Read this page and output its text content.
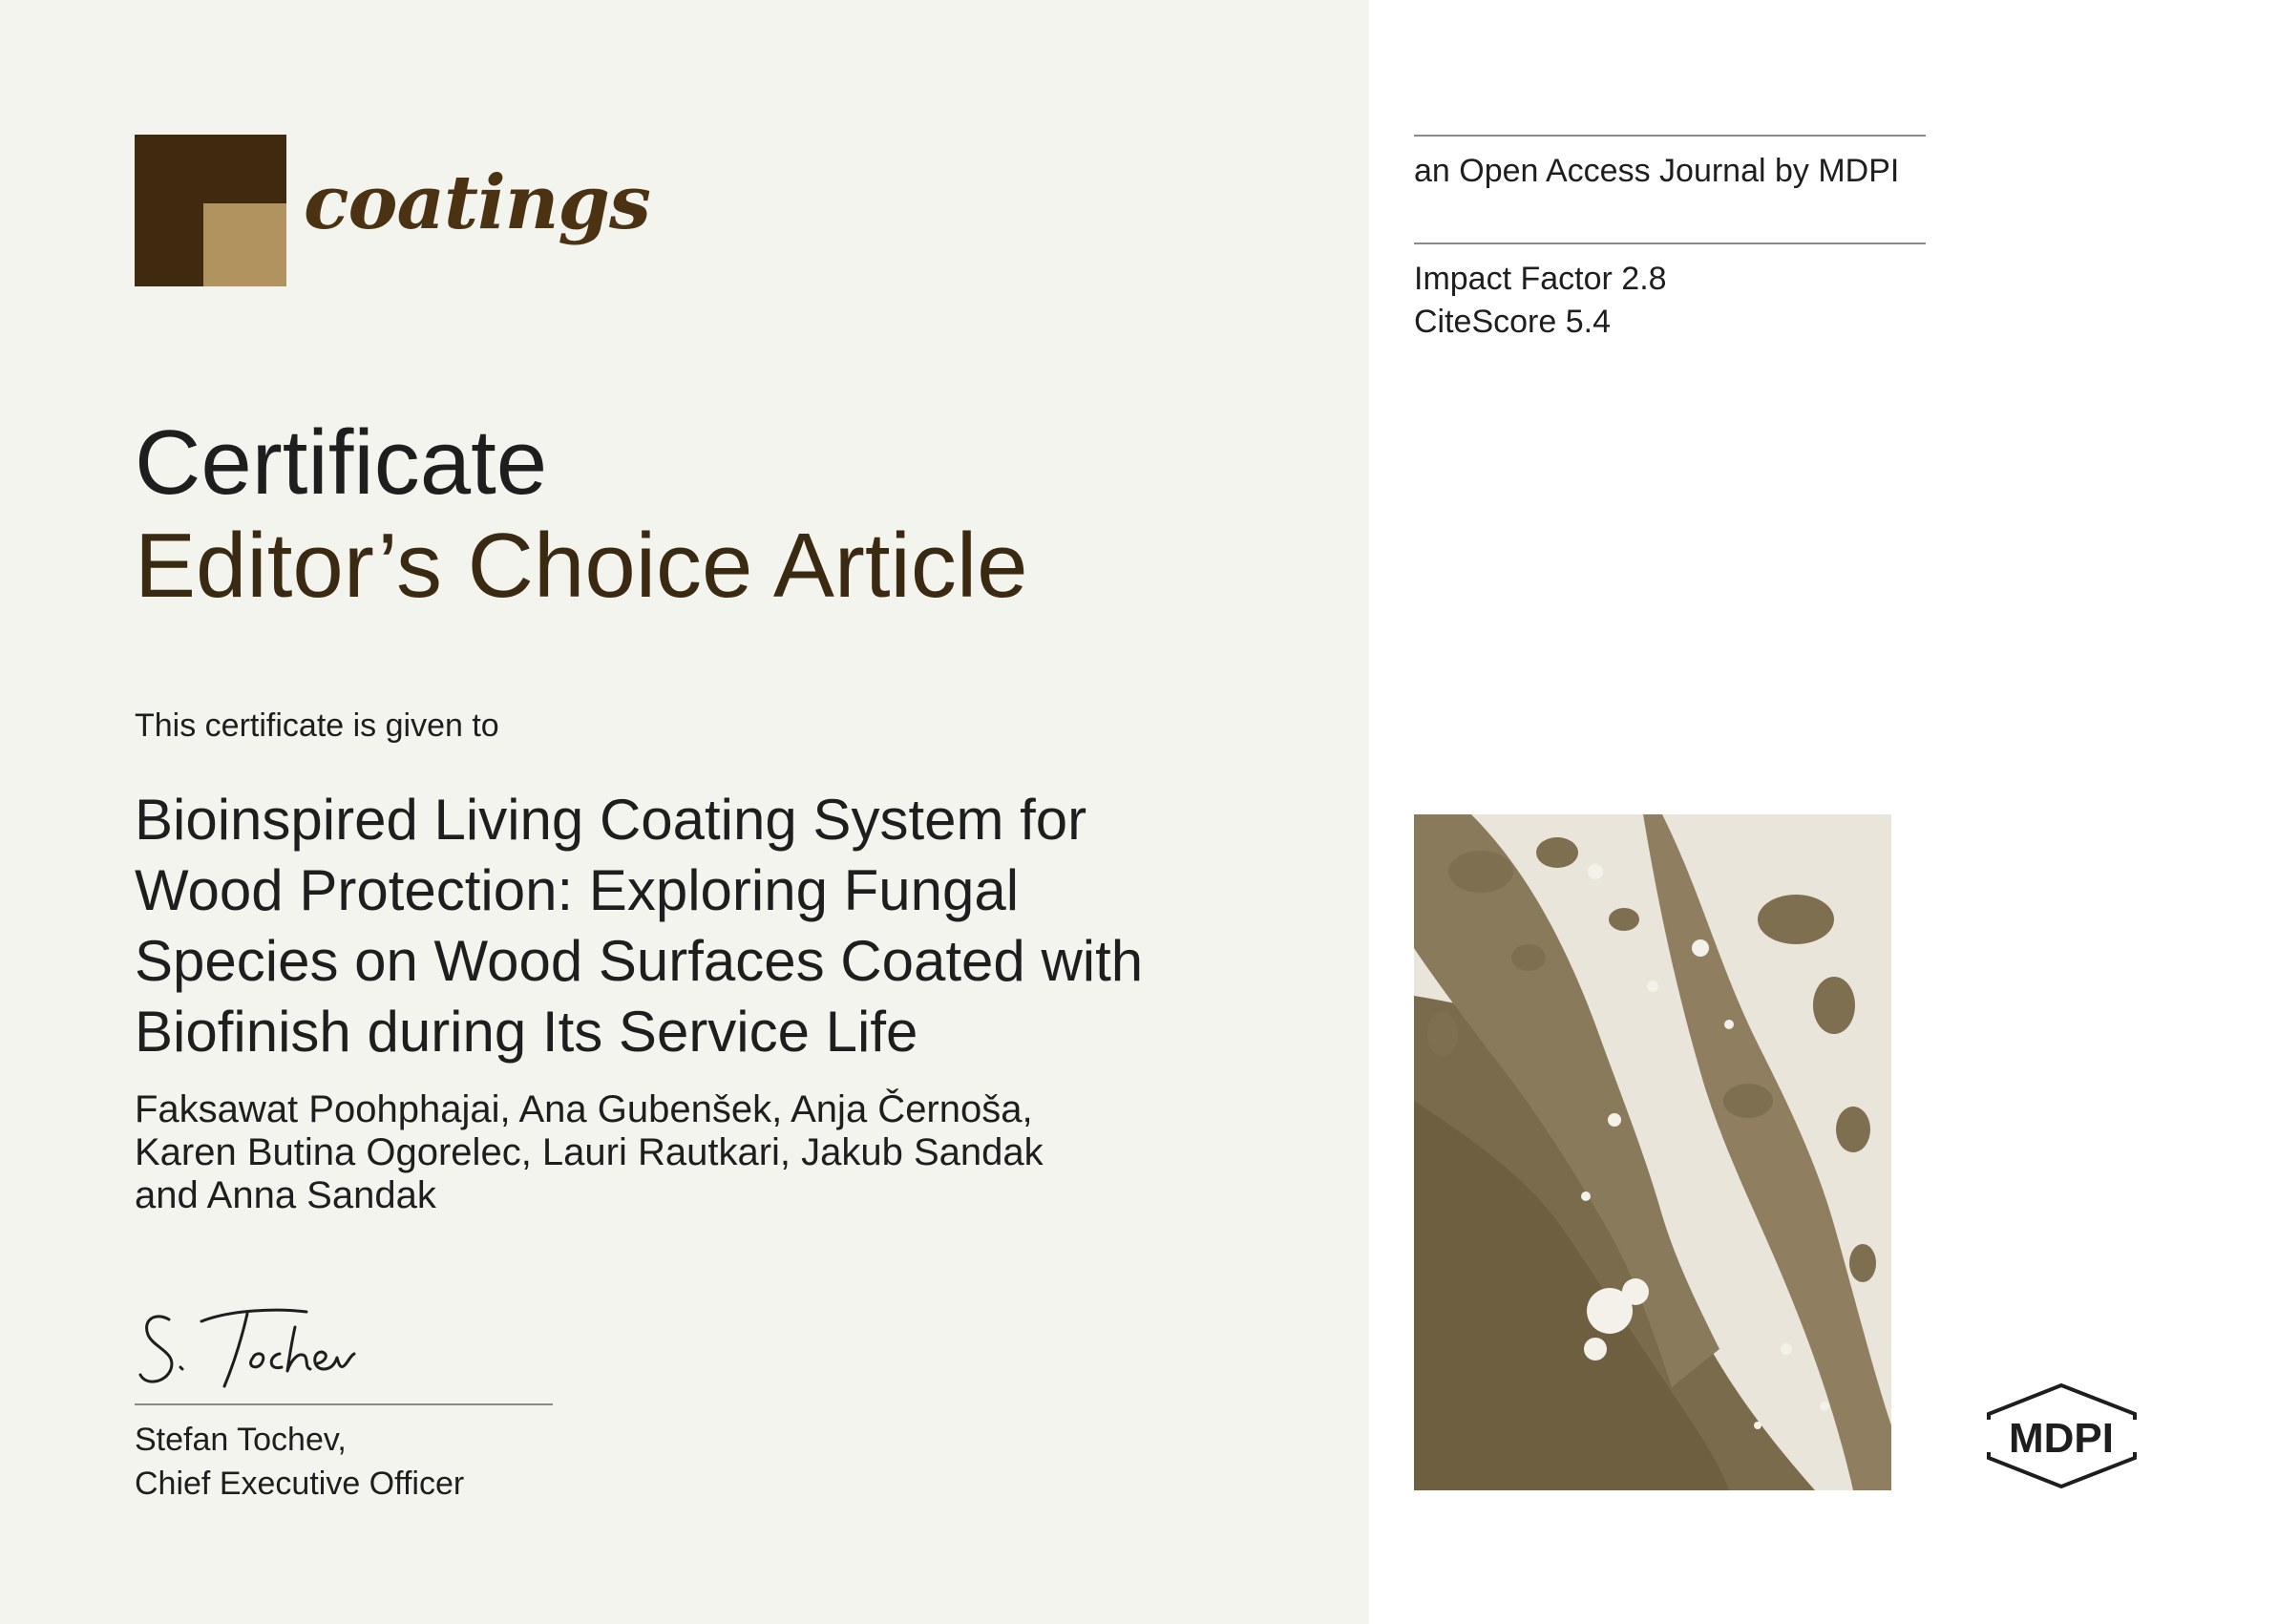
coatings
Certificate
Editor’s Choice Article
This certificate is given to
Bioinspired Living Coating System for Wood Protection: Exploring Fungal Species on Wood Surfaces Coated with Biofinish during Its Service Life
Faksawat Poohphajai, Ana Gubenšek, Anja Černoša,
Karen Butina Ogorelec, Lauri Rautkari, Jakub Sandak
and Anna Sandak
Stefan Tochev,
Chief Executive Officer
an Open Access Journal by MDPI
Impact Factor 2.8
CiteScore 5.4
MDPI
